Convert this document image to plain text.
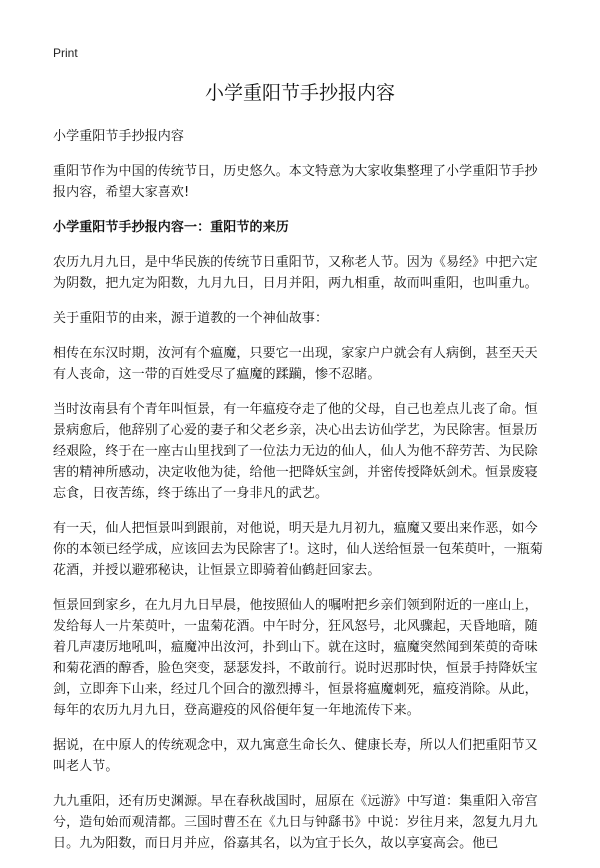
Print
小学重阳节手抄报内容

小学重阳节手抄报内容

重阳节作为中国的传统节日，历史悠久。本文特意为大家收集整理了小学重阳节手抄报内容，希望大家喜欢!

小学重阳节手抄报内容一：重阳节的来历

农历九月九日，是中华民族的传统节日重阳节，又称老人节。因为《易经》中把六定为阴数，把九定为阳数，九月九日，日月并阳，两九相重，故而叫重阳，也叫重九。

关于重阳节的由来，源于道教的一个神仙故事：

相传在东汉时期，汝河有个瘟魔，只要它一出现，家家户户就会有人病倒，甚至天天有人丧命，这一带的百姓受尽了瘟魔的蹂躏，惨不忍睹。

当时汝南县有个青年叫恒景，有一年瘟疫夺走了他的父母，自己也差点儿丧了命。恒景病愈后，他辞别了心爱的妻子和父老乡亲，决心出去访仙学艺，为民除害。恒景历经艰险，终于在一座古山里找到了一位法力无边的仙人，仙人为他不辞劳苦、为民除害的精神所感动，决定收他为徒，给他一把降妖宝剑，并密传授降妖剑术。恒景废寝忘食，日夜苦练，终于练出了一身非凡的武艺。

有一天，仙人把恒景叫到跟前，对他说，明天是九月初九，瘟魔又要出来作恶，如今你的本领已经学成，应该回去为民除害了!。这时，仙人送给恒景一包茱萸叶，一瓶菊花酒，并授以避邪秘诀，让恒景立即骑着仙鹤赶回家去。

恒景回到家乡，在九月九日早晨，他按照仙人的嘱咐把乡亲们领到附近的一座山上，发给每人一片茱萸叶，一盅菊花酒。中午时分，狂风怒号，北风骤起，天昏地暗，随着几声凄厉地吼叫，瘟魔冲出汝河，扑到山下。就在这时，瘟魔突然闻到茱萸的奇味和菊花酒的醇香，脸色突变，瑟瑟发抖，不敢前行。说时迟那时快，恒景手持降妖宝剑，立即奔下山来，经过几个回合的激烈搏斗，恒景将瘟魔刺死，瘟疫消除。从此，每年的农历九月九日，登高避疫的风俗便年复一年地流传下来。

据说，在中原人的传统观念中，双九寓意生命长久、健康长寿，所以人们把重阳节又叫老人节。

九九重阳，还有历史渊源。早在春秋战国时，屈原在《远游》中写道：集重阳入帝宫兮，造旬始而观清都。三国时曹丕在《九日与钟繇书》中说：岁往月来，忽复九月九日。九为阳数，而日月并应，俗嘉其名，以为宜于长久，故以享宴高会。他已
